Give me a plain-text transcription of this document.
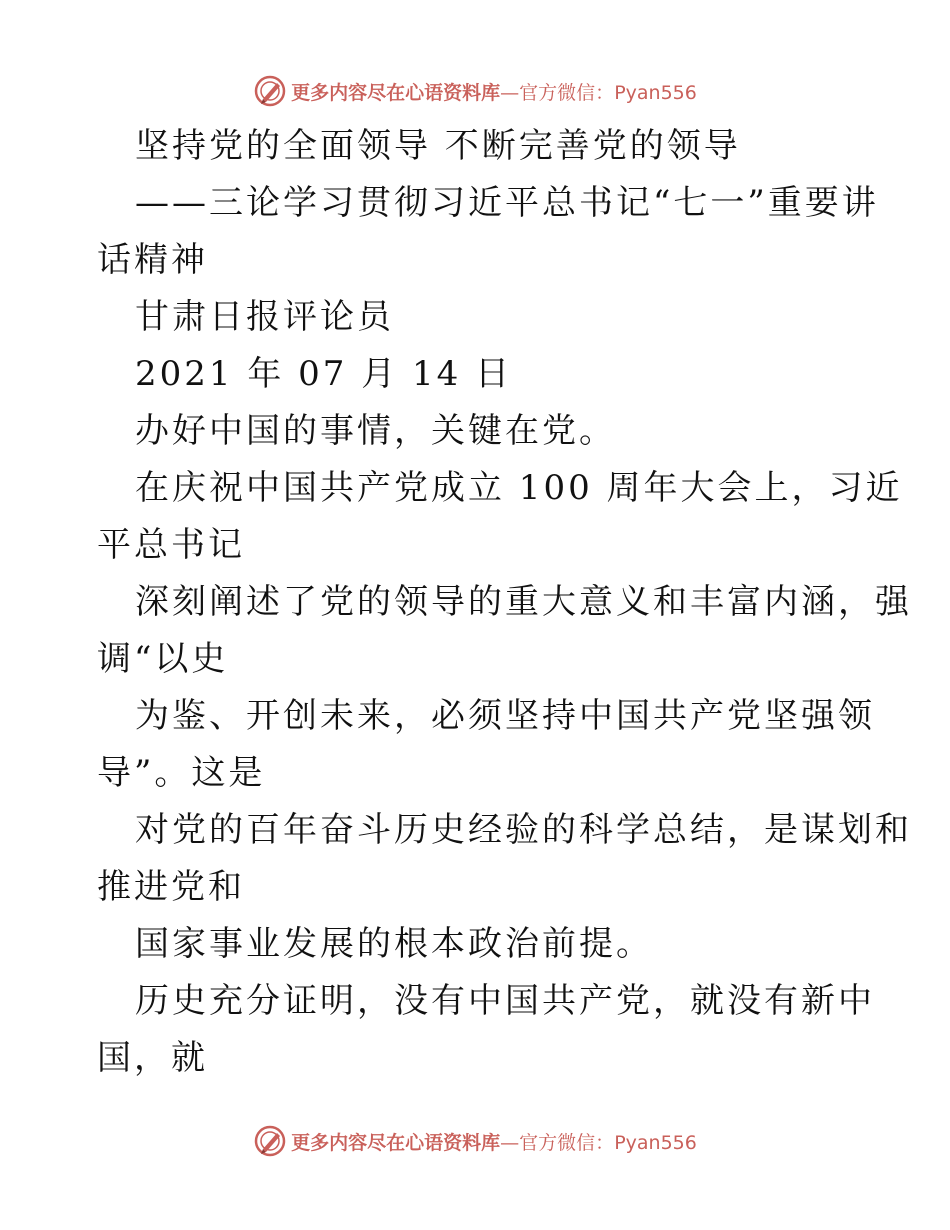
更多内容尽在心语资料库—官方微信：Pyan556
坚持党的全面领导 不断完善党的领导
——三论学习贯彻习近平总书记“七一”重要讲
话精神
甘肃日报评论员
2021 年 07 月 14 日
办好中国的事情，关键在党。
在庆祝中国共产党成立 100 周年大会上，习近
平总书记
深刻阐述了党的领导的重大意义和丰富内涵，强
调“以史
为鉴、开创未来，必须坚持中国共产党坚强领
导”。这是
对党的百年奋斗历史经验的科学总结，是谋划和
推进党和
国家事业发展的根本政治前提。
历史充分证明，没有中国共产党，就没有新中
国，就
更多内容尽在心语资料库—官方微信：Pyan556
